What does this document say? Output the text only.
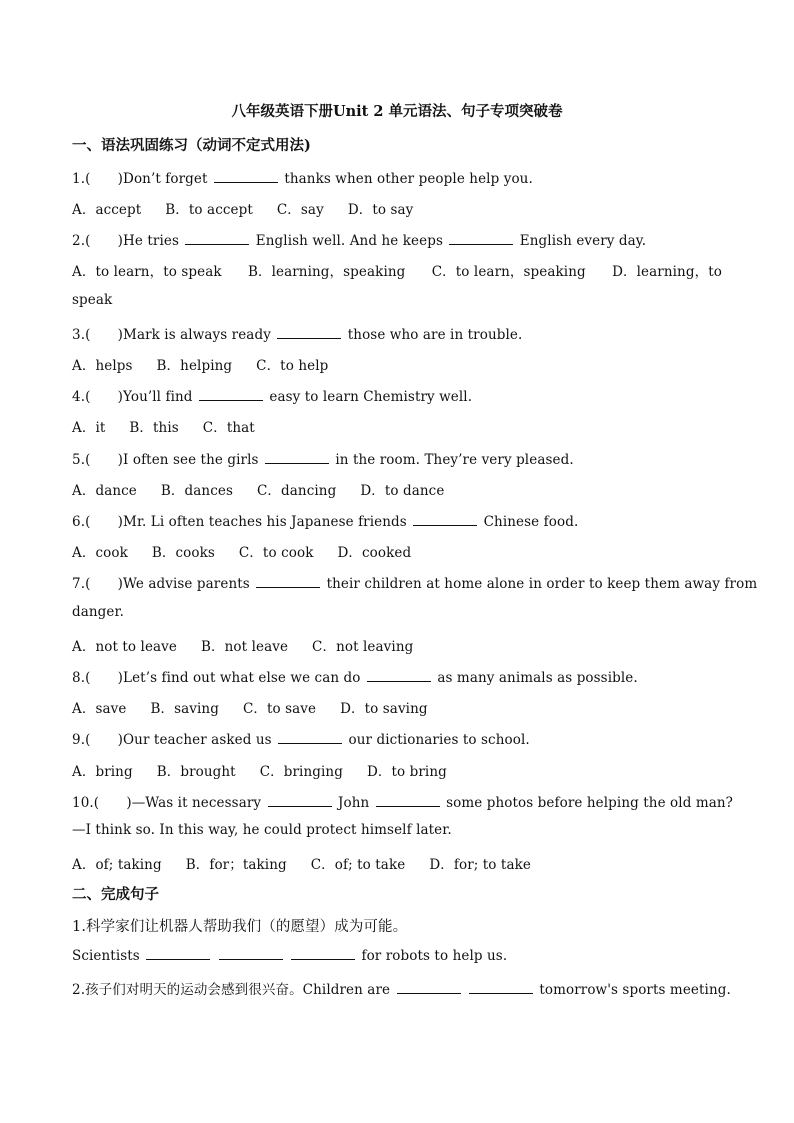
八年级英语下册Unit 2 单元语法、句子专项突破卷
一、语法巩固练习（动词不定式用法)
1.(　　)Don’t forget	thanks when other people help you.
A．accept B．to accept C．say D．to say
2.(　　)He tries	English well. And he keeps	English every day.
A．to learn，to speak      B．learning，speaking      C．to learn，speaking      D．learning，to
speak
3.(　　)Mark is always ready	those who are in trouble.
A．helps B．helping C．to help
4.(　　)You’ll find	easy to learn Chemistry well.
A．it B．this C．that
5.(　　)I often see the girls	in the room. They’re very pleased.
A．dance B．dances C．dancing D．to dance
6.(　　)Mr. Li often teaches his Japanese friends	Chinese food.
A．cook B．cooks C．to cook D．cooked
7.(　　)We advise parents	their children at home alone in order to keep them away from
danger.
A．not to leave B．not leave C．not leaving
8.(　　)Let’s find out what else we can do	as many animals as possible.
A．save B．saving C．to save D．to saving
9.(　　)Our teacher asked us	our dictionaries to school.
A．bring B．brought C．bringing D．to bring
10.(　　)—Was it necessary	John	some photos before helping the old man?
—I think so. In this way, he could protect himself later.
A．of; taking B．for；taking C．of; to take D．for; to take
二、完成句子
1.科学家们让机器人帮助我们（的愿望）成为可能。
Scientists	for robots to help us.
2.孩子们对明天的运动会感到很兴奋。Children are	tomorrow's sports meeting.
